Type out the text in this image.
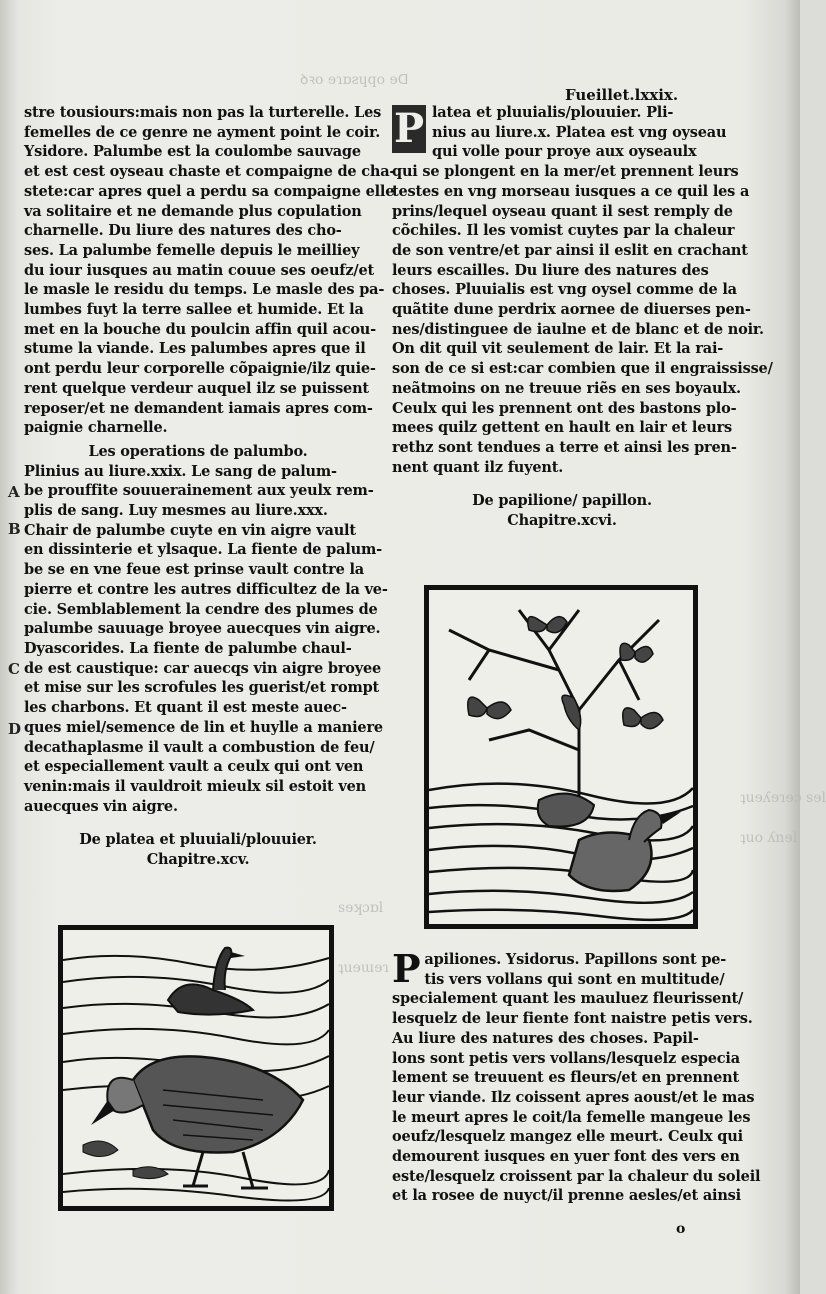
ꝺꝛo ɘɿɒƨɥqo ɘᗡ
ʇuɘʎɘɿɘɔ sɘl
ʇuo ʎnɘl
sɘʞɔɒl
ʇuɘɯɘɿ
Fueillet.lxxix.
A
B
C
D
stre tousiours:mais non pas la turterelle. Les
femelles de ce genre ne ayment point le coir.
Ysidore. Palumbe est la coulombe sauvage
et est cest oyseau chaste et compaigne de cha-
stete:car apres quel a perdu sa compaigne elle
va solitaire et ne demande plus copulation
charnelle. Du liure des natures des cho-
ses. La palumbe femelle depuis le meilliey
du iour iusques au matin couue ses oeufz/et
le masle le residu du temps. Le masle des pa-
lumbes fuyt la terre sallee et humide. Et la
met en la bouche du poulcin affin quil acou-
stume la viande. Les palumbes apres que il
ont perdu leur corporelle cõpaignie/ilz quie-
rent quelque verdeur auquel ilz se puissent
reposer/et ne demandent iamais apres com-
paignie charnelle.
Les operations de palumbo.
Plinius au liure.xxix. Le sang de palum-
be prouffite souuerainement aux yeulx rem-
plis de sang. Luy mesmes au liure.xxx.
Chair de palumbe cuyte en vin aigre vault
en dissinterie et ylsaque. La fiente de palum-
be se en vne feue est prinse vault contre la
pierre et contre les autres difficultez de la ve-
cie. Semblablement la cendre des plumes de
palumbe sauuage broyee auecques vin aigre.
Dyascorides. La fiente de palumbe chaul-
de est caustique: car auecqs vin aigre broyee
et mise sur les scrofules les guerist/et rompt
les charbons. Et quant il est meste auec-
ques miel/semence de lin et huylle a maniere
decathaplasme il vault a combustion de feu/
et especiallement vault a ceulx qui ont ven
venin:mais il vauldroit mieulx sil estoit ven
auecques vin aigre.
De platea et pluuiali/plouuier.
Chapitre.xcv.
P latea et pluuialis/plouuier. Pli-
nius au liure.x. Platea est vng oyseau
qui volle pour proye aux oyseaulx
qui se plongent en la mer/et prennent leurs
testes en vng morseau iusques a ce quil les a
prins/lequel oyseau quant il sest remply de
cõchiles. Il les vomist cuytes par la chaleur
de son ventre/et par ainsi il eslit en crachant
leurs escailles. Du liure des natures des
choses. Pluuialis est vng oysel comme de la
quãtite dune perdrix aornee de diuerses pen-
nes/distinguee de iaulne et de blanc et de noir.
On dit quil vit seulement de lair. Et la rai-
son de ce si est:car combien que il engraississe/
neãtmoins on ne treuue riẽs en ses boyaulx.
Ceulx qui les prennent ont des bastons plo-
mees quilz gettent en hault en lair et leurs
rethz sont tendues a terre et ainsi les pren-
nent quant ilz fuyent.
De papilione/ papillon.
Chapitre.xcvi.
P apiliones. Ysidorus. Papillons sont pe-
tis vers vollans qui sont en multitude/
specialement quant les mauluez fleurissent/
lesquelz de leur fiente font naistre petis vers.
Au liure des natures des choses. Papil-
lons sont petis vers vollans/lesquelz especia
lement se treuuent es fleurs/et en prennent
leur viande. Ilz coissent apres aoust/et le mas
le meurt apres le coit/la femelle mangeue les
oeufz/lesquelz mangez elle meurt. Ceulx qui
demourent iusques en yuer font des vers en
este/lesquelz croissent par la chaleur du soleil
et la rosee de nuyct/il prenne aesles/et ainsi
o
